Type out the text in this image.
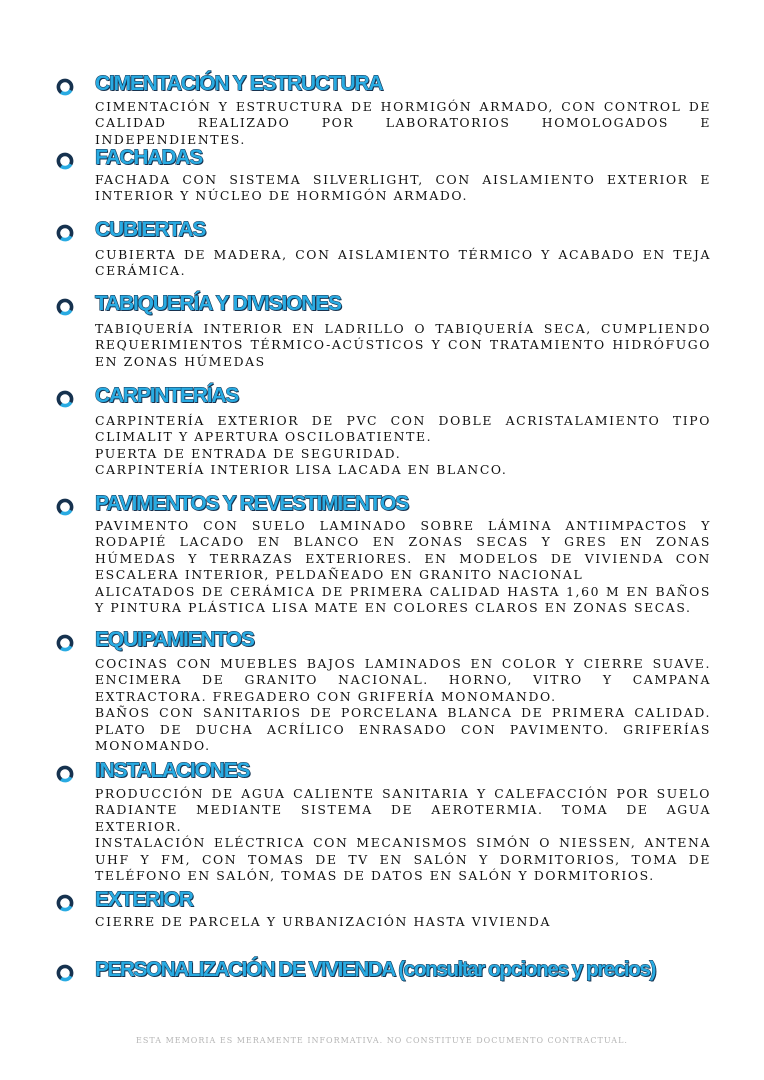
CIMENTACIÓN Y ESTRUCTURA

CIMENTACIÓN Y ESTRUCTURA DE HORMIGÓN ARMADO, CON CONTROL DE CALIDAD REALIZADO POR LABORATORIOS HOMOLOGADOS E INDEPENDIENTES.

FACHADAS

FACHADA CON SISTEMA SILVERLIGHT, CON AISLAMIENTO EXTERIOR E INTERIOR Y NÚCLEO DE HORMIGÓN ARMADO.

CUBIERTAS

CUBIERTA DE MADERA, CON AISLAMIENTO TÉRMICO Y ACABADO EN TEJA CERÁMICA.

TABIQUERÍA Y DIVISIONES

TABIQUERÍA INTERIOR EN LADRILLO O TABIQUERÍA SECA, CUMPLIENDO REQUERIMIENTOS TÉRMICO-ACÚSTICOS Y CON TRATAMIENTO HIDRÓFUGO EN ZONAS HÚMEDAS

CARPINTERÍAS

CARPINTERÍA EXTERIOR DE PVC CON DOBLE ACRISTALAMIENTO TIPO CLIMALIT Y APERTURA OSCILOBATIENTE.

PUERTA DE ENTRADA DE SEGURIDAD.

CARPINTERÍA INTERIOR LISA LACADA EN BLANCO.

PAVIMENTOS Y REVESTIMIENTOS

PAVIMENTO CON SUELO LAMINADO SOBRE LÁMINA ANTIIMPACTOS Y RODAPIÉ LACADO EN BLANCO EN ZONAS SECAS Y GRES EN ZONAS HÚMEDAS Y TERRAZAS EXTERIORES. EN MODELOS DE VIVIENDA CON ESCALERA INTERIOR, PELDAÑEADO EN GRANITO NACIONAL

ALICATADOS DE CERÁMICA DE PRIMERA CALIDAD HASTA 1,60 M EN BAÑOS Y PINTURA PLÁSTICA LISA MATE EN COLORES CLAROS EN ZONAS SECAS.

EQUIPAMIENTOS

COCINAS CON MUEBLES BAJOS LAMINADOS EN COLOR Y CIERRE SUAVE. ENCIMERA DE GRANITO NACIONAL. HORNO, VITRO Y CAMPANA EXTRACTORA. FREGADERO CON GRIFERÍA MONOMANDO.

BAÑOS CON SANITARIOS DE PORCELANA BLANCA DE PRIMERA CALIDAD. PLATO DE DUCHA ACRÍLICO ENRASADO CON PAVIMENTO. GRIFERÍAS MONOMANDO.

INSTALACIONES

PRODUCCIÓN DE AGUA CALIENTE SANITARIA Y CALEFACCIÓN POR SUELO RADIANTE MEDIANTE SISTEMA DE AEROTERMIA. TOMA DE AGUA EXTERIOR.

INSTALACIÓN ELÉCTRICA CON MECANISMOS SIMÓN O NIESSEN, ANTENA UHF Y FM, CON TOMAS DE TV EN SALÓN Y DORMITORIOS, TOMA DE TELÉFONO EN SALÓN, TOMAS DE DATOS EN SALÓN Y DORMITORIOS.

EXTERIOR

CIERRE DE PARCELA Y URBANIZACIÓN HASTA VIVIENDA

PERSONALIZACIÓN DE VIVIENDA (consultar opciones y precios)
ESTA MEMORIA ES MERAMENTE INFORMATIVA. NO CONSTITUYE DOCUMENTO CONTRACTUAL.
